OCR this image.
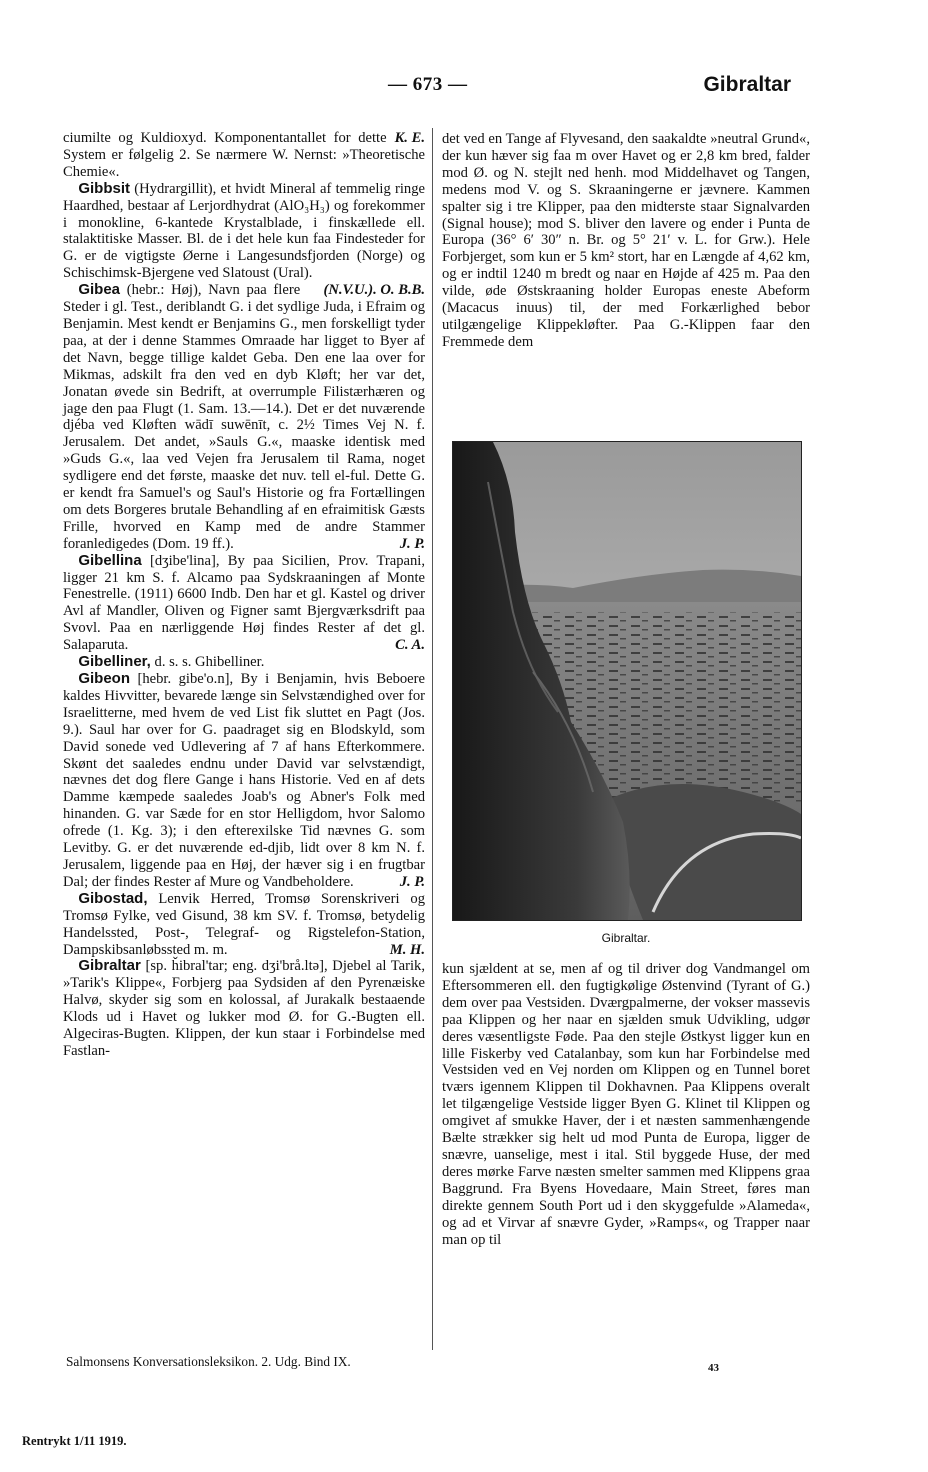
— 673 —	Gibraltar

K. E.
ciumilte og Kuldioxyd. Komponentantallet for dette System er følgelig 2. Se nærmere W. Nernst: »Theoretische Chemie«.

Gibbsit (Hydrargillit), et hvidt Mineral af temmelig ringe Haardhed, bestaar af Lerjordhydrat (AlO₃H₃) og forekommer i monokline, 6-kantede Krystalblade, i finskællede ell. stalaktitiske Masser. Bl. de i det hele kun faa Findesteder for G. er de vigtigste Øerne i Langesundsfjorden (Norge) og Schischimsk-Bjergene ved Slatoust (Ural).
(N.V.U.). O. B.B.

Gibea (hebr.: Høj), Navn paa flere Steder i gl. Test., deriblandt G. i det sydlige Juda, i Efraim og Benjamin. Mest kendt er Benjamins G., men forskelligt tyder paa, at der i denne Stammes Omraade har ligget to Byer af det Navn, begge tillige kaldet Geba. Den ene laa over for Mikmas, adskilt fra den ved en dyb Kløft; her var det, Jonatan øvede sin Bedrift, at overrumple Filistærhæren og jage den paa Flugt (1. Sam. 13.—14.). Det er det nuværende djéba ved Kløften wādī suwēnīt, c. 2½ Times Vej N. f. Jerusalem. Det andet, »Sauls G.«, maaske identisk med »Guds G.«, laa ved Vejen fra Jerusalem til Rama, noget sydligere end det første, maaske det nuv. tell el-ful. Dette G. er kendt fra Samuel's og Saul's Historie og fra Fortællingen om dets Borgeres brutale Behandling af en efraimitisk Gæsts Frille, hvorved en Kamp med de andre Stammer foranledigedes (Dom. 19 ff.).	J. P.

Gibellina [dʒibe'lina], By paa Sicilien, Prov. Trapani, ligger 21 km S. f. Alcamo paa Sydskraaningen af Monte Fenestrelle. (1911) 6600 Indb. Den har et gl. Kastel og driver Avl af Mandler, Oliven og Figner samt Bjergværksdrift paa Svovl. Paa en nærliggende Høj findes Rester af det gl. Salaparuta.	C. A.

Gibelliner, d. s. s. Ghibelliner.

Gibeon [hebr. gibe'o.n], By i Benjamin, hvis Beboere kaldes Hivvitter, bevarede længe sin Selvstændighed over for Israelitterne, med hvem de ved List fik sluttet en Pagt (Jos. 9.). Saul har over for G. paadraget sig en Blodskyld, som David sonede ved Udlevering af 7 af hans Efterkommere. Skønt det saaledes endnu under David var selvstændigt, nævnes det dog flere Gange i hans Historie. Ved en af dets Damme kæmpede saaledes Joab's og Abner's Folk med hinanden. G. var Sæde for en stor Helligdom, hvor Salomo ofrede (1. Kg. 3); i den efterexilske Tid nævnes G. som Levitby. G. er det nuværende ed-djib, lidt over 8 km N. f. Jerusalem, liggende paa en Høj, der hæver sig i en frugtbar Dal; der findes Rester af Mure og Vandbeholdere.	J. P.

Gibostad, Lenvik Herred, Tromsø Sorenskriveri og Tromsø Fylke, ved Gisund, 38 km SV. f. Tromsø, betydelig Handelssted, Post-, Telegraf- og Rigstelefon-Station, Dampskibsanløbssted m. m.	M. H.

Gibraltar [sp. ȟibral'tar; eng. dʒi'brå.ltə], Djebel al Tarik, »Tarik's Klippe«, Forbjerg paa Sydsiden af den Pyrenæiske Halvø, skyder sig som en kolossal, af Jurakalk bestaaende Klods ud i Havet og lukker mod Ø. for G.-Bugten ell. Algeciras-Bugten. Klippen, der kun staar i Forbindelse med Fastlan-

det ved en Tange af Flyvesand, den saakaldte »neutral Grund«, der kun hæver sig faa m over Havet og er 2,8 km bred, falder mod Ø. og N. stejlt ned henh. mod Middelhavet og Tangen, medens mod V. og S. Skraaningerne er jævnere. Kammen spalter sig i tre Klipper, paa den midterste staar Signalvarden (Signal house); mod S. bliver den lavere og ender i Punta de Europa (36° 6′ 30″ n. Br. og 5° 21′ v. L. for Grw.). Hele Forbjerget, som kun er 5 km² stort, har en Længde af 4,62 km, og er indtil 1240 m bredt og naar en Højde af 425 m. Paa den vilde, øde Østskraaning holder Europas eneste Abeform (Macacus inuus) til, der med Forkærlighed bebor utilgængelige Klippekløfter. Paa G.-Klippen faar den Fremmede dem

Gibraltar.

kun sjældent at se, men af og til driver dog Vandmangel om Eftersommeren ell. den fugtigkølige Østenvind (Tyrant of G.) dem over paa Vestsiden. Dværgpalmerne, der vokser massevis paa Klippen og her naar en sjælden smuk Udvikling, udgør deres væsentligste Føde. Paa den stejle Østkyst ligger kun en lille Fiskerby ved Catalanbay, som kun har Forbindelse med Vestsiden ved en Vej norden om Klippen og en Tunnel boret tværs igennem Klippen til Dokhavnen. Paa Klippens overalt let tilgængelige Vestside ligger Byen G. Klinet til Klippen og omgivet af smukke Haver, der i et næsten sammenhængende Bælte strækker sig helt ud mod Punta de Europa, ligger de snævre, uanselige, mest i ital. Stil byggede Huse, der med deres mørke Farve næsten smelter sammen med Klippens graa Baggrund. Fra Byens Hovedaare, Main Street, føres man direkte gennem South Port ud i den skyggefulde »Alameda«, og ad et Virvar af snævre Gyder, »Ramps«, og Trapper naar man op til

Salmonsens Konversationsleksikon. 2. Udg. Bind IX.	43
Rentrykt 1/11 1919.
